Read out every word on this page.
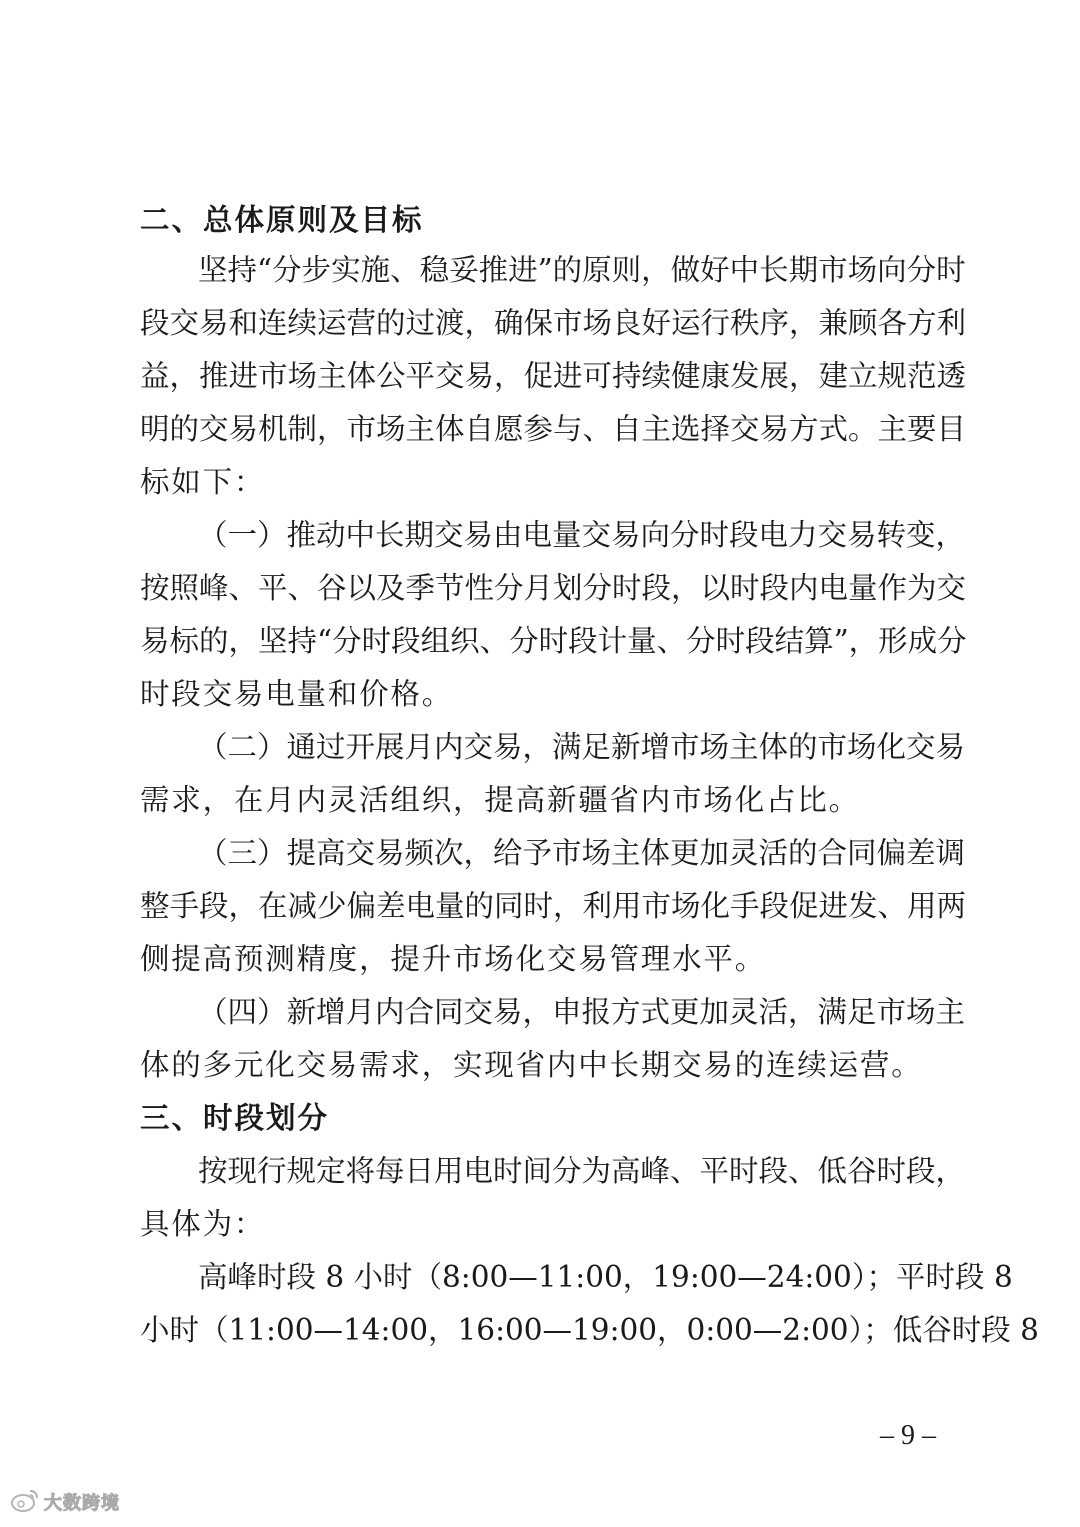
二、总体原则及目标
坚持“分步实施、稳妥推进”的原则，做好中长期市场向分时
段交易和连续运营的过渡，确保市场良好运行秩序，兼顾各方利
益，推进市场主体公平交易，促进可持续健康发展，建立规范透
明的交易机制，市场主体自愿参与、自主选择交易方式。主要目
标如下：
（一）推动中长期交易由电量交易向分时段电力交易转变，
按照峰、平、谷以及季节性分月划分时段，以时段内电量作为交
易标的，坚持“分时段组织、分时段计量、分时段结算”，形成分
时段交易电量和价格。
（二）通过开展月内交易，满足新增市场主体的市场化交易
需求，在月内灵活组织，提高新疆省内市场化占比。
（三）提高交易频次，给予市场主体更加灵活的合同偏差调
整手段，在减少偏差电量的同时，利用市场化手段促进发、用两
侧提高预测精度，提升市场化交易管理水平。
（四）新增月内合同交易，申报方式更加灵活，满足市场主
体的多元化交易需求，实现省内中长期交易的连续运营。
三、时段划分
按现行规定将每日用电时间分为高峰、平时段、低谷时段，
具体为：
高峰时段 8 小时（8:00—11:00，19:00—24:00）；平时段 8
小时（11:00—14:00，16:00—19:00，0:00—2:00）；低谷时段 8
– 9 –
大数跨境
